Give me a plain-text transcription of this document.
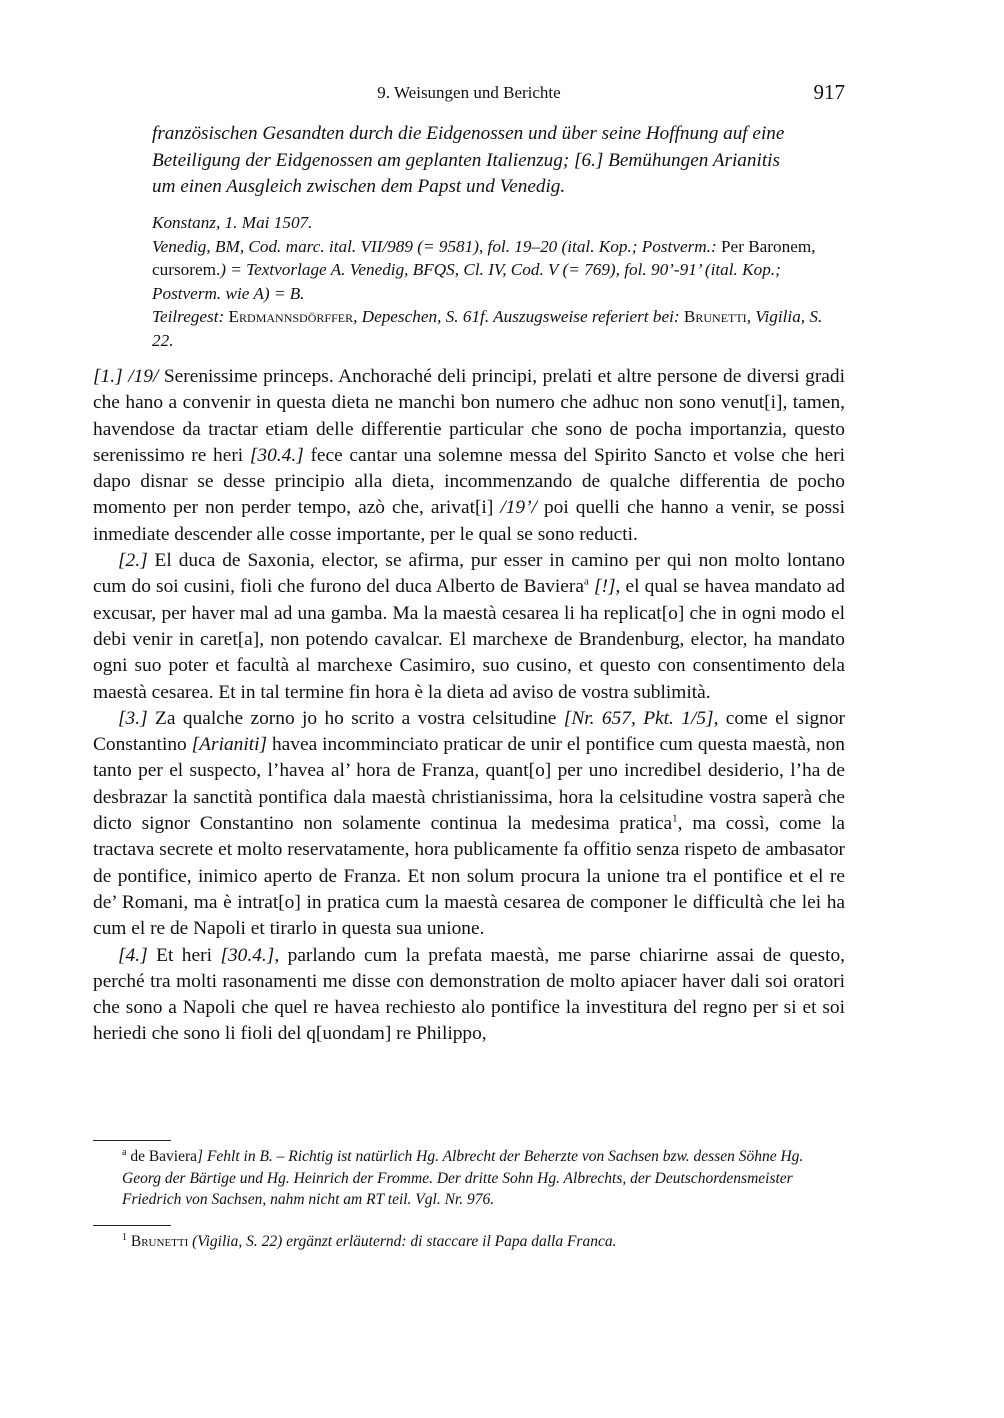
9. Weisungen und Berichte	917
französischen Gesandten durch die Eidgenossen und über seine Hoffnung auf eine
Beteiligung der Eidgenossen am geplanten Italienzug; [6.] Bemühungen Arianitis
um einen Ausgleich zwischen dem Papst und Venedig.
Konstanz, 1. Mai 1507.
Venedig, BM, Cod. marc. ital. VII/989 (= 9581), fol. 19–20 (ital. Kop.; Postverm.: Per Baronem, cursorem.) = Textvorlage A. Venedig, BFQS, Cl. IV, Cod. V (= 769), fol. 90’-91’ (ital. Kop.; Postverm. wie A) = B.
Teilregest: Erdmannsdörffer, Depeschen, S. 61f. Auszugsweise referiert bei: Brunetti, Vigilia, S. 22.

[1.] /19/ Serenissime princeps. Anchoraché deli principi, prelati et altre persone de diversi gradi che hano a convenir in questa dieta ne manchi bon numero che adhuc non sono venut[i], tamen, havendose da tractar etiam delle differentie particular che sono de pocha importanzia, questo serenissimo re heri [30.4.] fece cantar una solemne messa del Spirito Sancto et volse che heri dapo disnar se desse principio alla dieta, incommenzando de qualche differentia de pocho momento per non perder tempo, azò che, arivat[i] /19’/ poi quelli che hanno a venir, se possi inmediate descender alle cosse importante, per le qual se sono reducti.

[2.] El duca de Saxonia, elector, se afirma, pur esser in camino per qui non molto lontano cum do soi cusini, fioli che furono del duca Alberto de Baviera$^a$ [!], el qual se havea mandato ad excusar, per haver mal ad una gamba. Ma la maestà cesarea li ha replicat[o] che in ogni modo el debi venir in caret[a], non potendo cavalcar. El marchexe de Brandenburg, elector, ha mandato ogni suo poter et facultà al marchexe Casimiro, suo cusino, et questo con consentimento dela maestà cesarea. Et in tal termine fin hora è la dieta ad aviso de vostra sublimità.

[3.] Za qualche zorno jo ho scrito a vostra celsitudine [Nr. 657, Pkt. 1/5], come el signor Constantino [Arianiti] havea incomminciato praticar de unir el pontifice cum questa maestà, non tanto per el suspecto, l’havea al’ hora de Franza, quant[o] per uno incredibel desiderio, l’ha de desbrazar la sanctità pontifica dala maestà christianissima, hora la celsitudine vostra saperà che dicto signor Constantino non solamente continua la medesima pratica$^1$, ma cossì, come la tractava secrete et molto reservatamente, hora publicamente fa offitio senza rispeto de ambasator de pontifice, inimico aperto de Franza. Et non solum procura la unione tra el pontifice et el re de’ Romani, ma è intrat[o] in pratica cum la maestà cesarea de componer le difficultà che lei ha cum el re de Napoli et tirarlo in questa sua unione.

[4.] Et heri [30.4.], parlando cum la prefata maestà, me parse chiarirne assai de questo, perché tra molti rasonamenti me disse con demonstration de molto apiacer haver dali soi oratori che sono a Napoli che quel re havea rechiesto alo pontifice la investitura del regno per si et soi heriedi che sono li fioli del q[uondam] re Philippo,

$^a$ de Baviera] Fehlt in B. – Richtig ist natürlich Hg. Albrecht der Beherzte von Sachsen bzw. dessen Söhne Hg. Georg der Bärtige und Hg. Heinrich der Fromme. Der dritte Sohn Hg. Albrechts, der Deutschordensmeister Friedrich von Sachsen, nahm nicht am RT teil. Vgl. Nr. 976.
$^1$ Brunetti (Vigilia, S. 22) ergänzt erläuternd: di staccare il Papa dalla Franca.
